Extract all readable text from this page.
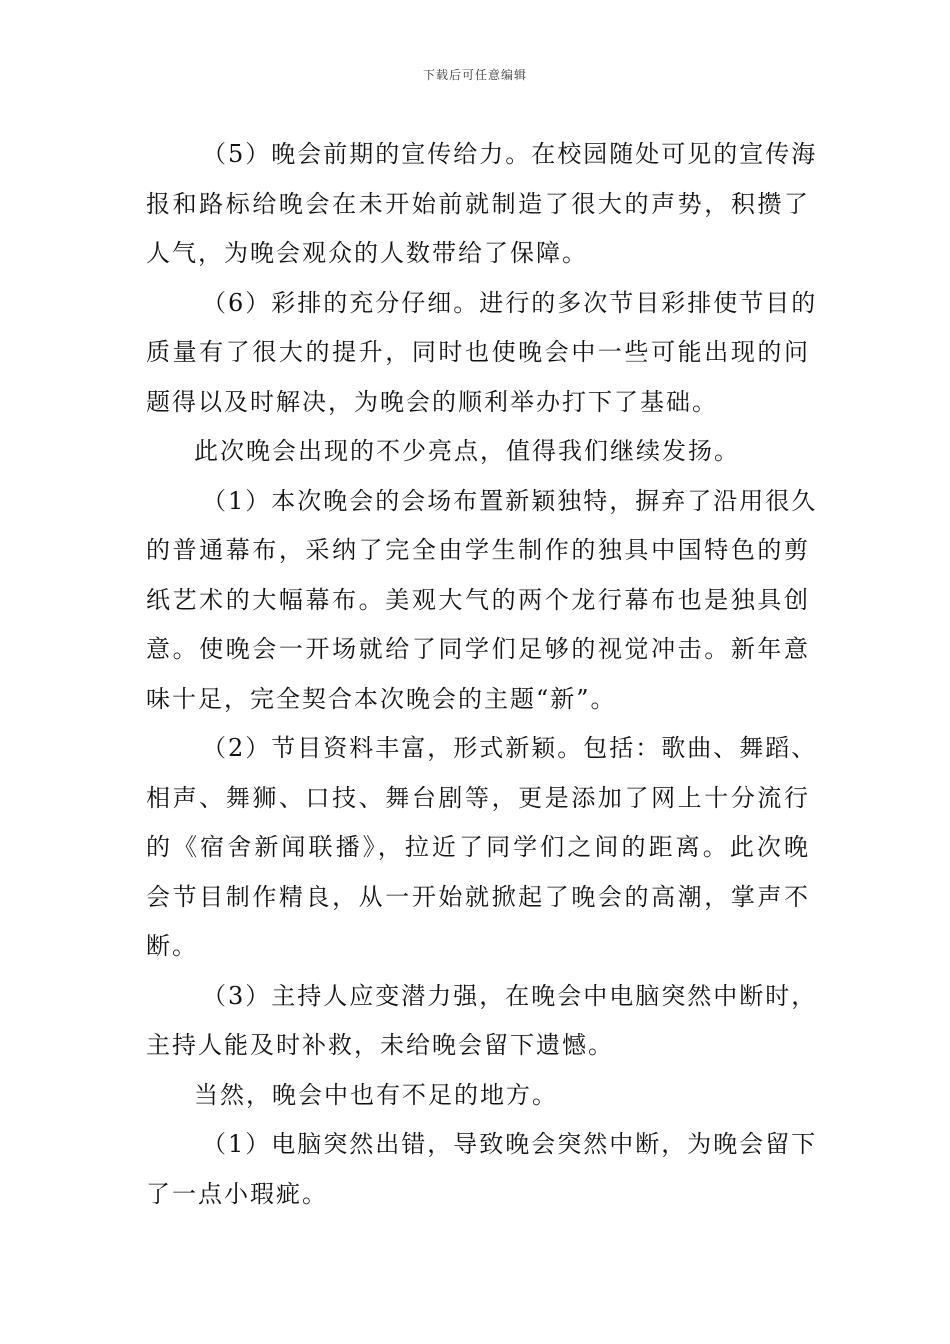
下载后可任意编辑
（5）晚会前期的宣传给力。在校园随处可见的宣传海
报和路标给晚会在未开始前就制造了很大的声势，积攒了
人气，为晚会观众的人数带给了保障。
（6）彩排的充分仔细。进行的多次节目彩排使节目的
质量有了很大的提升，同时也使晚会中一些可能出现的问
题得以及时解决，为晚会的顺利举办打下了基础。
此次晚会出现的不少亮点，值得我们继续发扬。
（1）本次晚会的会场布置新颖独特，摒弃了沿用很久
的普通幕布，采纳了完全由学生制作的独具中国特色的剪
纸艺术的大幅幕布。美观大气的两个龙行幕布也是独具创
意。使晚会一开场就给了同学们足够的视觉冲击。新年意
味十足，完全契合本次晚会的主题“新”。
（2）节目资料丰富，形式新颖。包括：歌曲、舞蹈、
相声、舞狮、口技、舞台剧等，更是添加了网上十分流行
的《宿舍新闻联播》，拉近了同学们之间的距离。此次晚
会节目制作精良，从一开始就掀起了晚会的高潮，掌声不
断。
（3）主持人应变潜力强，在晚会中电脑突然中断时，
主持人能及时补救，未给晚会留下遗憾。
当然，晚会中也有不足的地方。
（1）电脑突然出错，导致晚会突然中断，为晚会留下
了一点小瑕疵。
